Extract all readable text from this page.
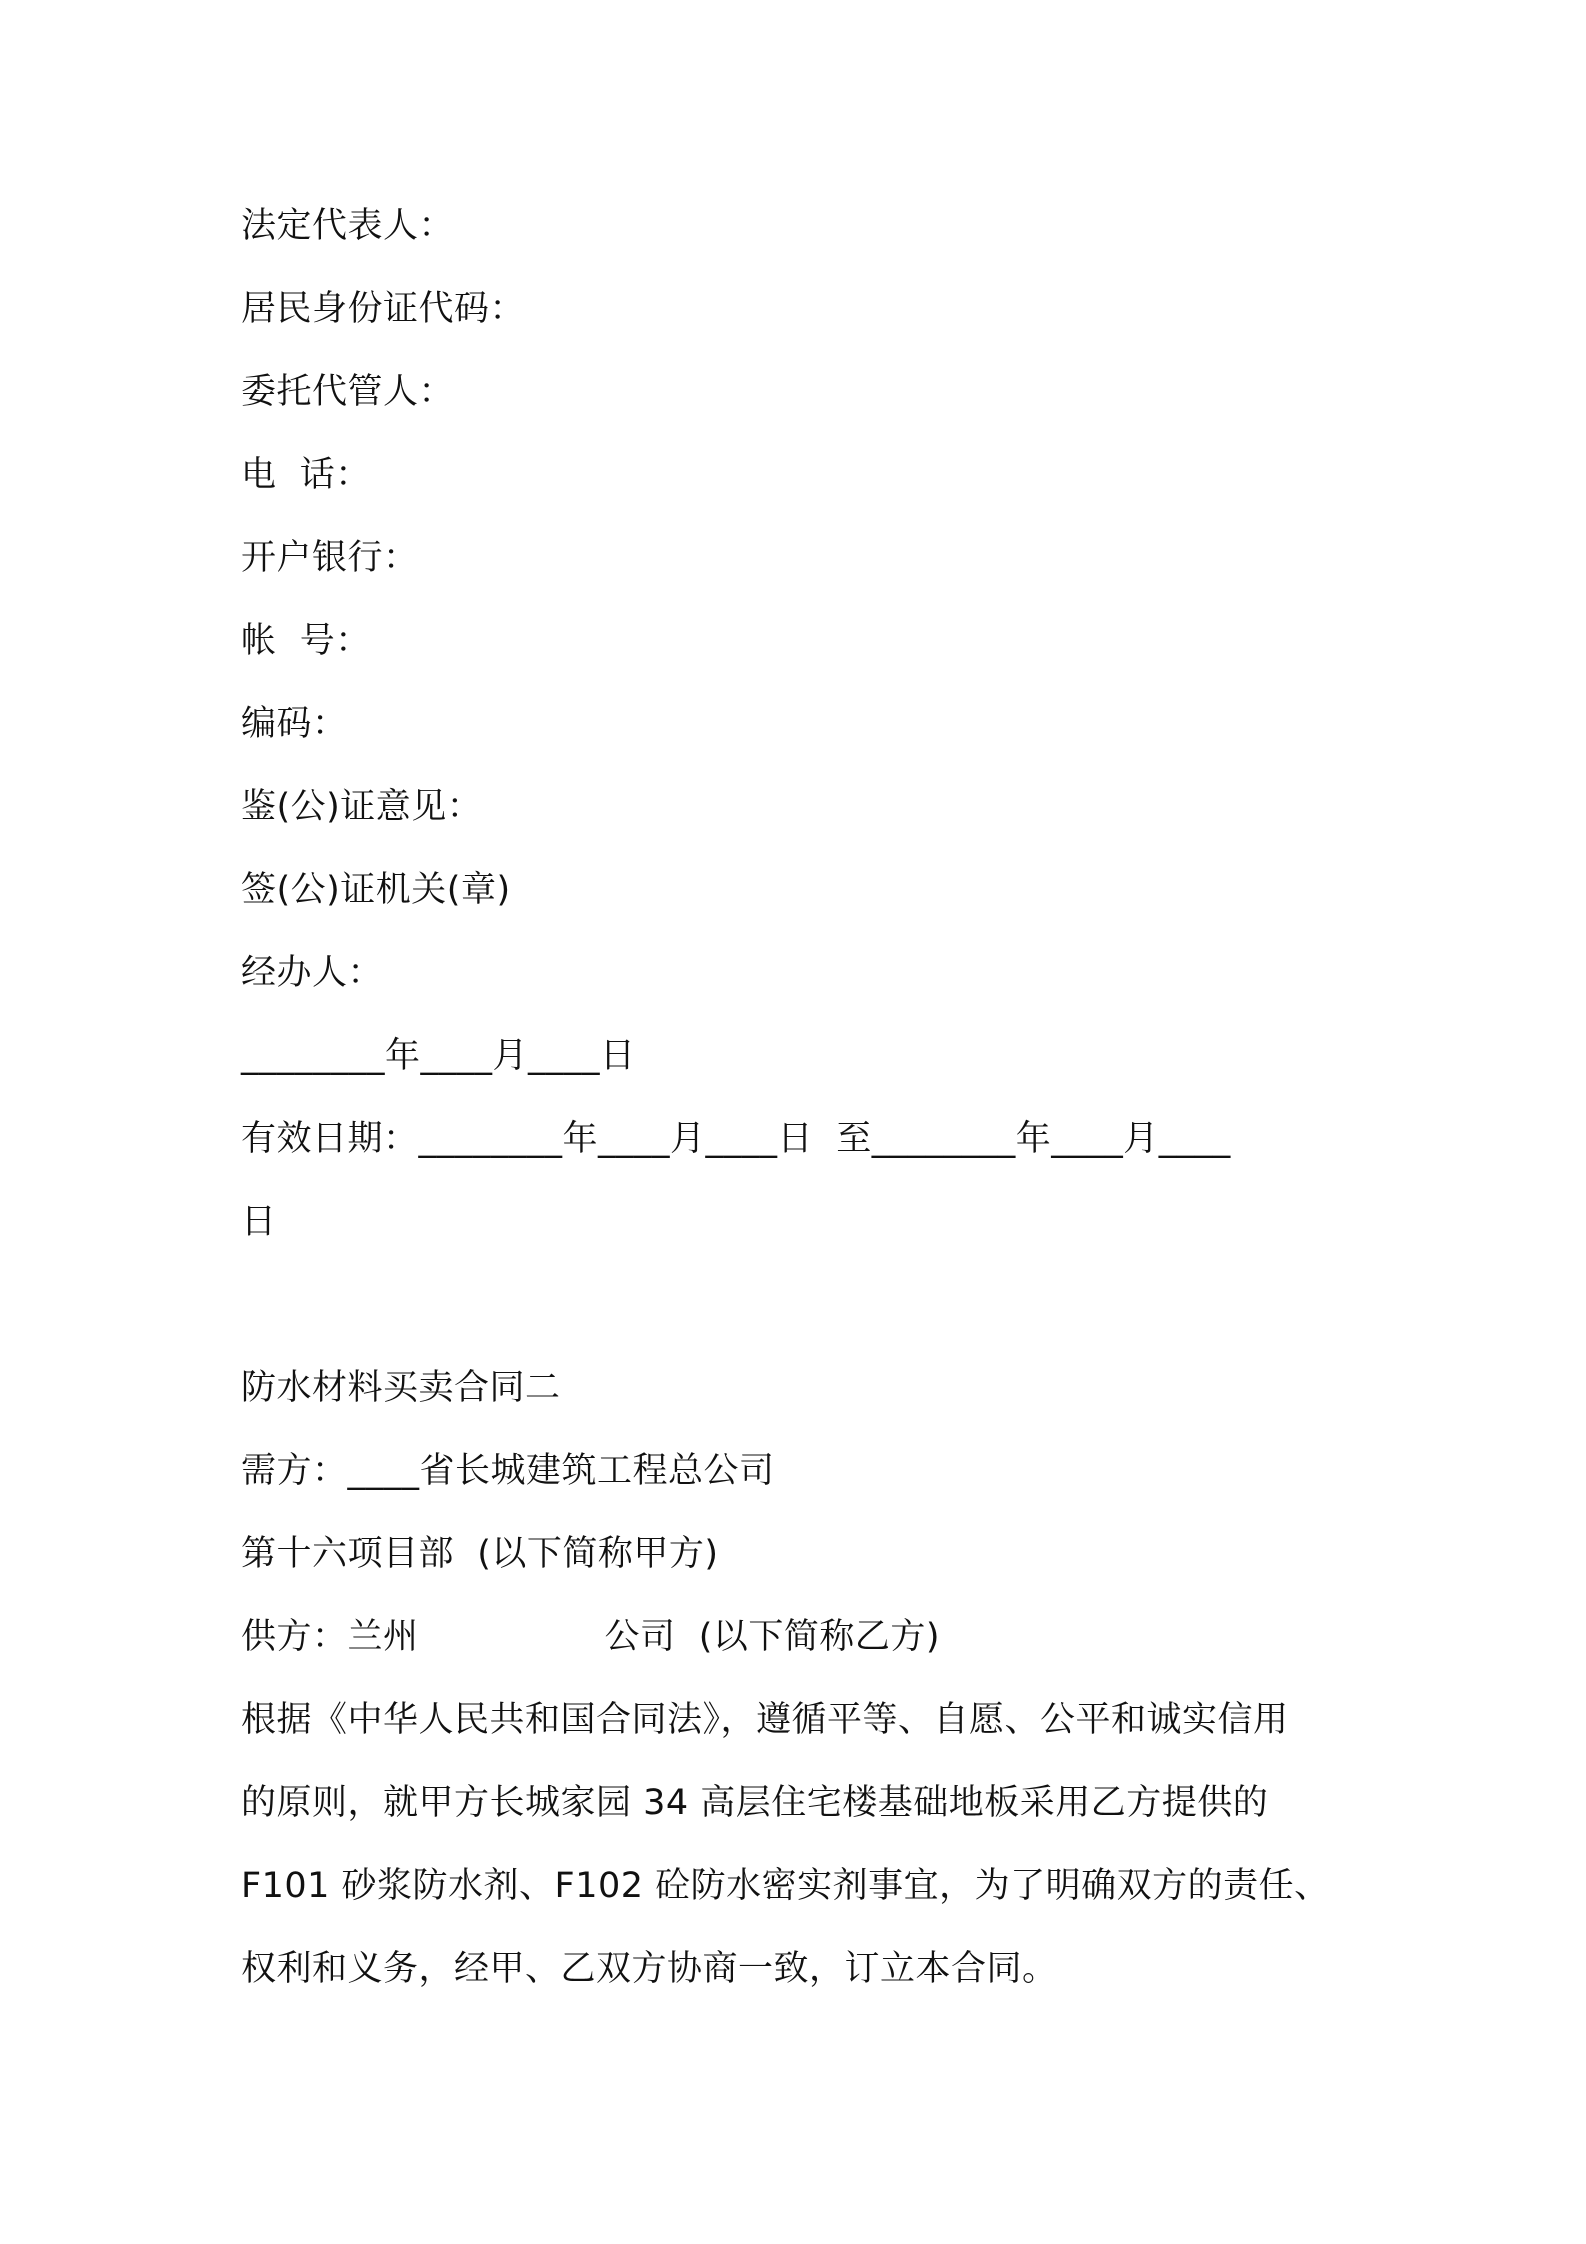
法定代表人：
居民身份证代码：
委托代管人：
电  话：
开户银行：
帐  号：
编码：
鉴(公)证意见：
签(公)证机关(章)
经办人：
________年____月____日
有效日期：________年____月____日  至________年____月____
日
防水材料买卖合同二
需方：____省长城建筑工程总公司
第十六项目部  (以下简称甲方)
供方：兰州                公司  (以下简称乙方)
根据《中华人民共和国合同法》，遵循平等、自愿、公平和诚实信用
的原则，就甲方长城家园 34 高层住宅楼基础地板采用乙方提供的
F101 砂浆防水剂、F102 砼防水密实剂事宜，为了明确双方的责任、
权利和义务，经甲、乙双方协商一致，订立本合同。
